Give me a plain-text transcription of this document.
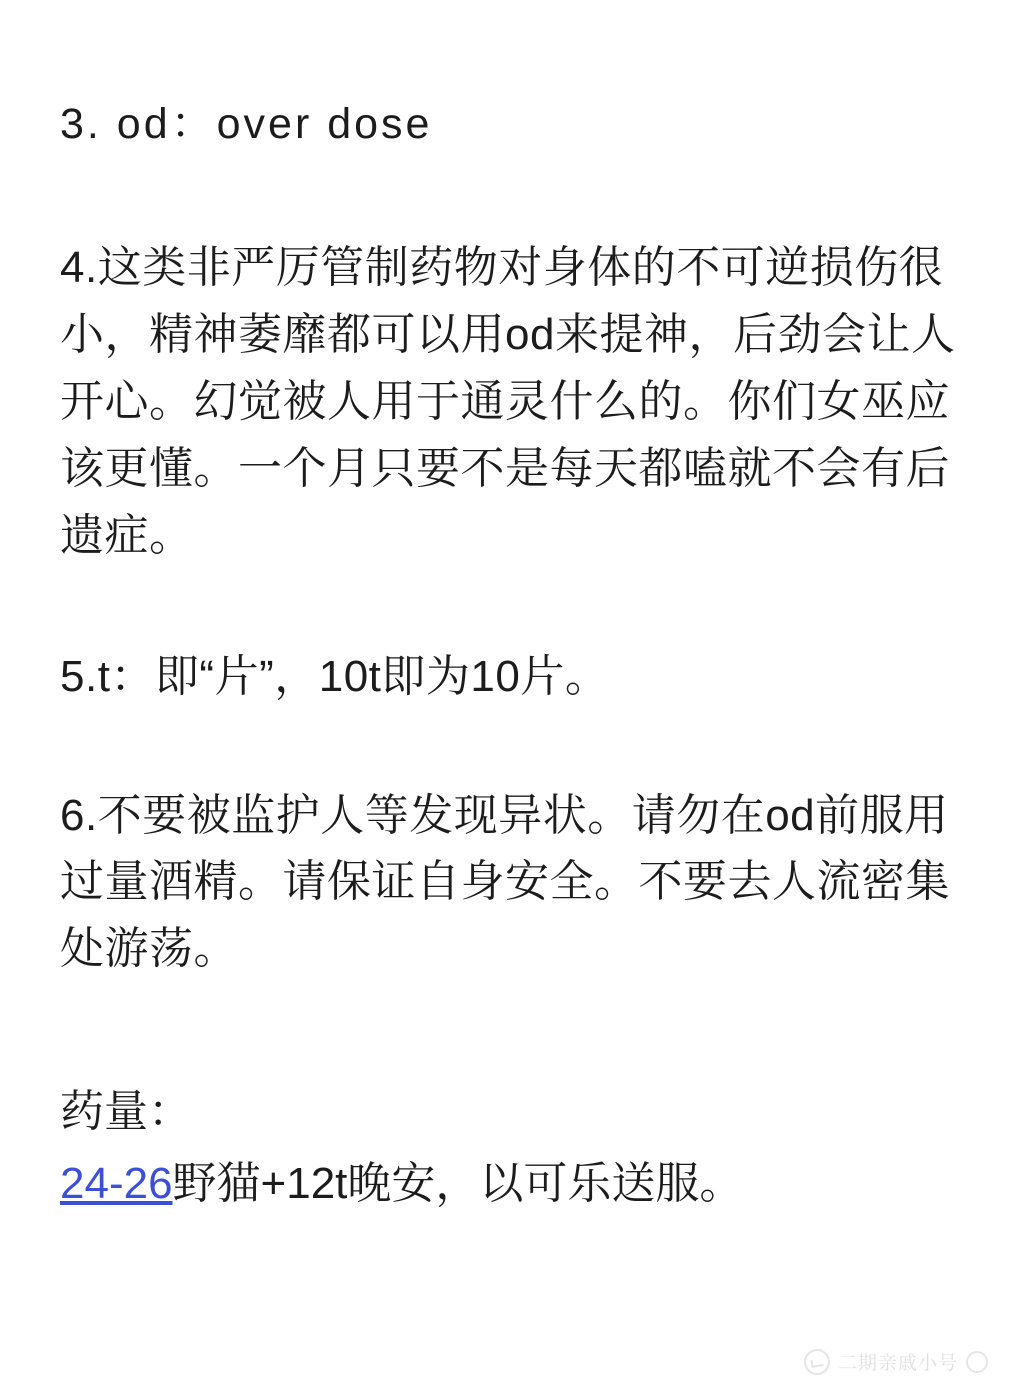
3. od：over dose

4.这类非严厉管制药物对身体的不可逆损伤很小，精神萎靡都可以用od来提神，后劲会让人开心。幻觉被人用于通灵什么的。你们女巫应该更懂。一个月只要不是每天都嗑就不会有后遗症。

5.t：即“片”，10t即为10片。

6.不要被监护人等发现异状。请勿在od前服用过量酒精。请保证自身安全。不要去人流密集处游荡。

药量：

24-26野猫+12t晚安，以可乐送服。

二期亲戚小号
